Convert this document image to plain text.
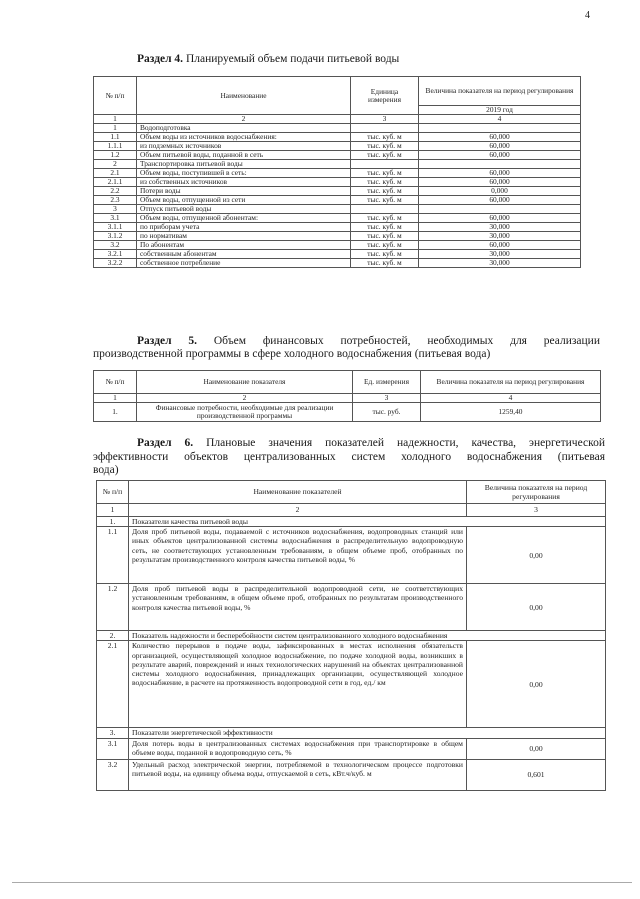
4
Раздел 4. Планируемый объем подачи питьевой воды
№ п/п	Наименование	Единица измерения	Величина показателя на период регулирования
			2019 год
1	2	3	4
1	Водоподготовка		
1.1	Объем воды из источников водоснабжения:	тыс. куб. м	60,000
1.1.1	из подземных источников	тыс. куб. м	60,000
1.2	Объем питьевой воды, поданной в сеть	тыс. куб. м	60,000
2	Транспортировка питьевой воды		
2.1	Объем воды, поступившей в сеть:	тыс. куб. м	60,000
2.1.1	из собственных источников	тыс. куб. м	60,000
2.2	Потери воды	тыс. куб. м	0,000
2.3	Объем воды, отпущенной из сети	тыс. куб. м	60,000
3	Отпуск питьевой воды		
3.1	Объем воды, отпущенной абонентам:	тыс. куб. м	60,000
3.1.1	по приборам учета	тыс. куб. м	30,000
3.1.2	по нормативам	тыс. куб. м	30,000
3.2	По абонентам	тыс. куб. м	60,000
3.2.1	собственным абонентам	тыс. куб. м	30,000
3.2.2	собственное потребление	тыс. куб. м	30,000
Раздел 5. Объем финансовых потребностей, необходимых для реализации
производственной программы в сфере холодного водоснабжения (питьевая вода)
№ п/п	Наименование показателя	Ед. измерения	Величина показателя на период регулирования
1	2	3	4
1.	Финансовые потребности, необходимые для реализации производственной программы	тыс. руб.	1259,40
Раздел 6. Плановые значения показателей надежности, качества, энергетической
эффективности объектов централизованных систем холодного водоснабжения (питьевая
вода)
№ п/п	Наименование показателей	Величина показателя на период регулирования
1	2	3
1.	Показатели качества питьевой воды	
1.1	Доля проб питьевой воды, подаваемой с источников водоснабжения, водопроводных станций или иных объектов централизованной системы водоснабжения в распределительную водопроводную сеть, не соответствующих установленным требованиям, в общем объеме проб, отобранных по результатам производственного контроля качества питьевой воды, %	0,00
1.2	Доля проб питьевой воды в распределительной водопроводной сети, не соответствующих установленным требованиям, в общем объеме проб, отобранных по результатам производственного контроля качества питьевой воды, %	0,00
2.	Показатель надежности и бесперебойности систем централизованного холодного водоснабжения	
2.1	Количество перерывов в подаче воды, зафиксированных в местах исполнения обязательств организацией, осуществляющей холодное водоснабжение, по подаче холодной воды, возникших в результате аварий, повреждений и иных технологических нарушений на объектах централизованной системы холодного водоснабжения, принадлежащих организации, осуществляющей холодное водоснабжение, в расчете на протяженность водопроводной сети в год, ед./ км	0,00
3.	Показатели энергетической эффективности	
3.1	Доля потерь воды в централизованных системах водоснабжения при транспортировке в общем объеме воды, поданной в водопроводную сеть, %	0,00
3.2	Удельный расход электрической энергии, потребляемой в технологическом процессе подготовки питьевой воды, на единицу объема воды, отпускаемой в сеть, кВт.ч/куб. м	0,601
